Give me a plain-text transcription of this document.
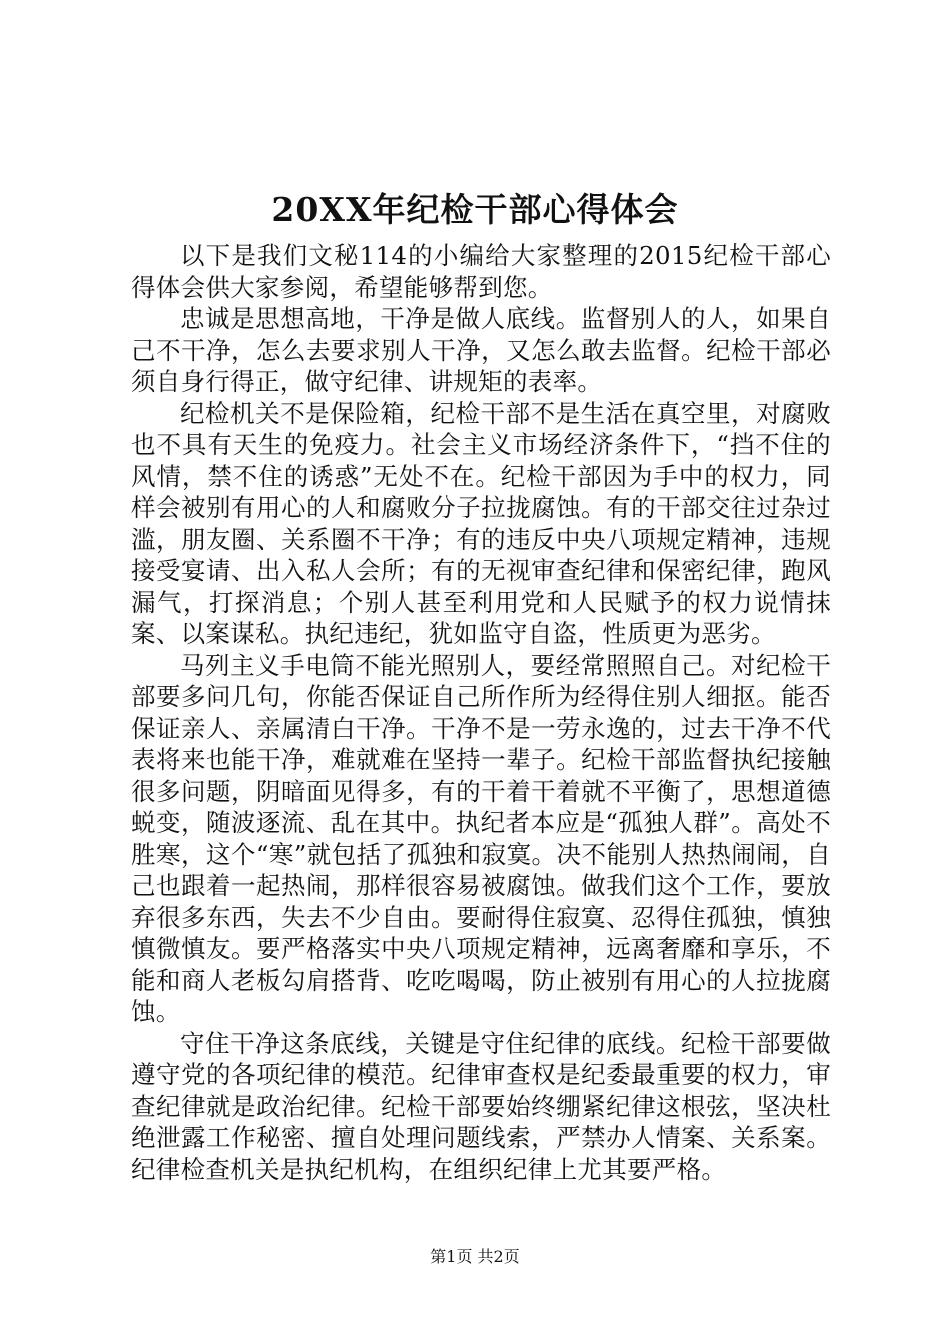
20XX年纪检干部心得体会

以下是我们文秘114的小编给大家整理的2015纪检干部心得体会供大家参阅，希望能够帮到您。

忠诚是思想高地，干净是做人底线。监督别人的人，如果自己不干净，怎么去要求别人干净，又怎么敢去监督。纪检干部必须自身行得正，做守纪律、讲规矩的表率。

纪检机关不是保险箱，纪检干部不是生活在真空里，对腐败也不具有天生的免疫力。社会主义市场经济条件下，“挡不住的风情，禁不住的诱惑”无处不在。纪检干部因为手中的权力，同样会被别有用心的人和腐败分子拉拢腐蚀。有的干部交往过杂过滥，朋友圈、关系圈不干净；有的违反中央八项规定精神，违规接受宴请、出入私人会所；有的无视审查纪律和保密纪律，跑风漏气，打探消息；个别人甚至利用党和人民赋予的权力说情抹案、以案谋私。执纪违纪，犹如监守自盗，性质更为恶劣。

马列主义手电筒不能光照别人，要经常照照自己。对纪检干部要多问几句，你能否保证自己所作所为经得住别人细抠。能否保证亲人、亲属清白干净。干净不是一劳永逸的，过去干净不代表将来也能干净，难就难在坚持一辈子。纪检干部监督执纪接触很多问题，阴暗面见得多，有的干着干着就不平衡了，思想道德蜕变，随波逐流、乱在其中。执纪者本应是“孤独人群”。高处不胜寒，这个“寒”就包括了孤独和寂寞。决不能别人热热闹闹，自己也跟着一起热闹，那样很容易被腐蚀。做我们这个工作，要放弃很多东西，失去不少自由。要耐得住寂寞、忍得住孤独，慎独慎微慎友。要严格落实中央八项规定精神，远离奢靡和享乐，不能和商人老板勾肩搭背、吃吃喝喝，防止被别有用心的人拉拢腐蚀。

守住干净这条底线，关键是守住纪律的底线。纪检干部要做遵守党的各项纪律的模范。纪律审查权是纪委最重要的权力，审查纪律就是政治纪律。纪检干部要始终绷紧纪律这根弦，坚决杜绝泄露工作秘密、擅自处理问题线索，严禁办人情案、关系案。纪律检查机关是执纪机构，在组织纪律上尤其要严格。

第1页 共2页
